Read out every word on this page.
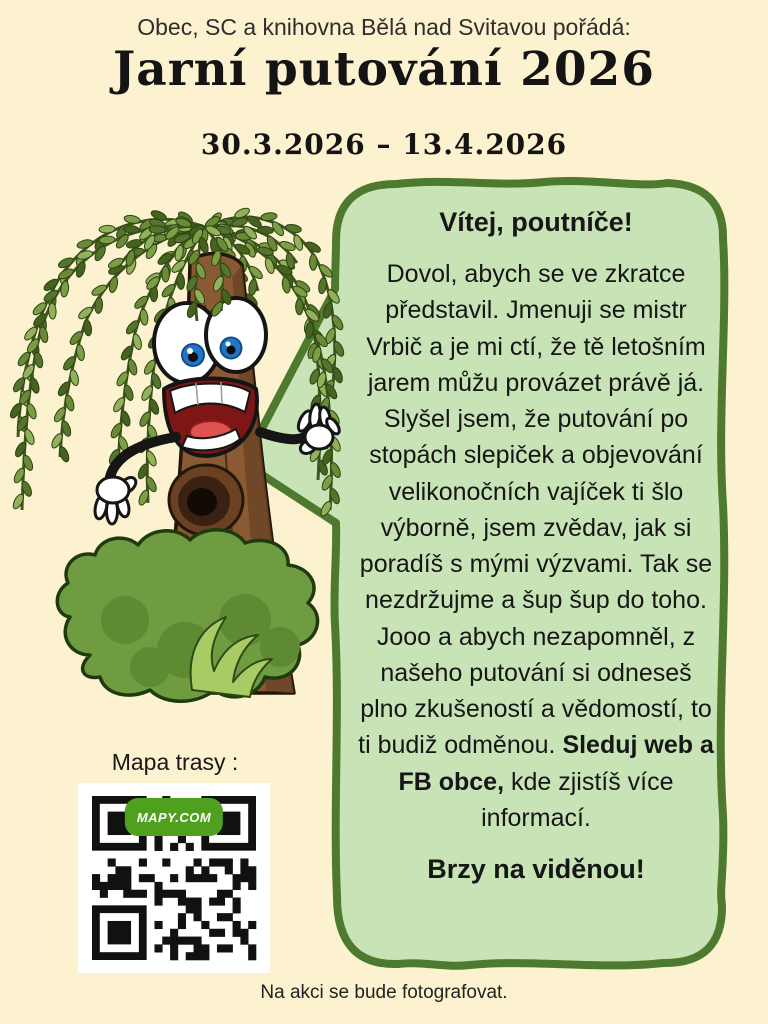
Obec, SC a knihovna Bělá nad Svitavou pořádá:
Jarní putování 2026
30.3.2026 – 13.4.2026

Vítej, poutníče!

Dovol, abych se ve zkratce představil. Jmenuji se mistr Vrbič a je mi ctí, že tě letošním jarem můžu provázet právě já. Slyšel jsem, že putování po stopách slepiček a objevování velikonočních vajíček ti šlo výborně, jsem zvědav, jak si poradíš s mými výzvami. Tak se nezdržujme a šup šup do toho. Jooo a abych nezapomněl, z našeho putování si odneseš plno zkušeností a vědomostí, to ti budiž odměnou. Sleduj web a FB obce, kde zjistíš více informací.

Brzy na viděnou!

Mapa trasy :
MAPY.COM
Na akci se bude fotografovat.
